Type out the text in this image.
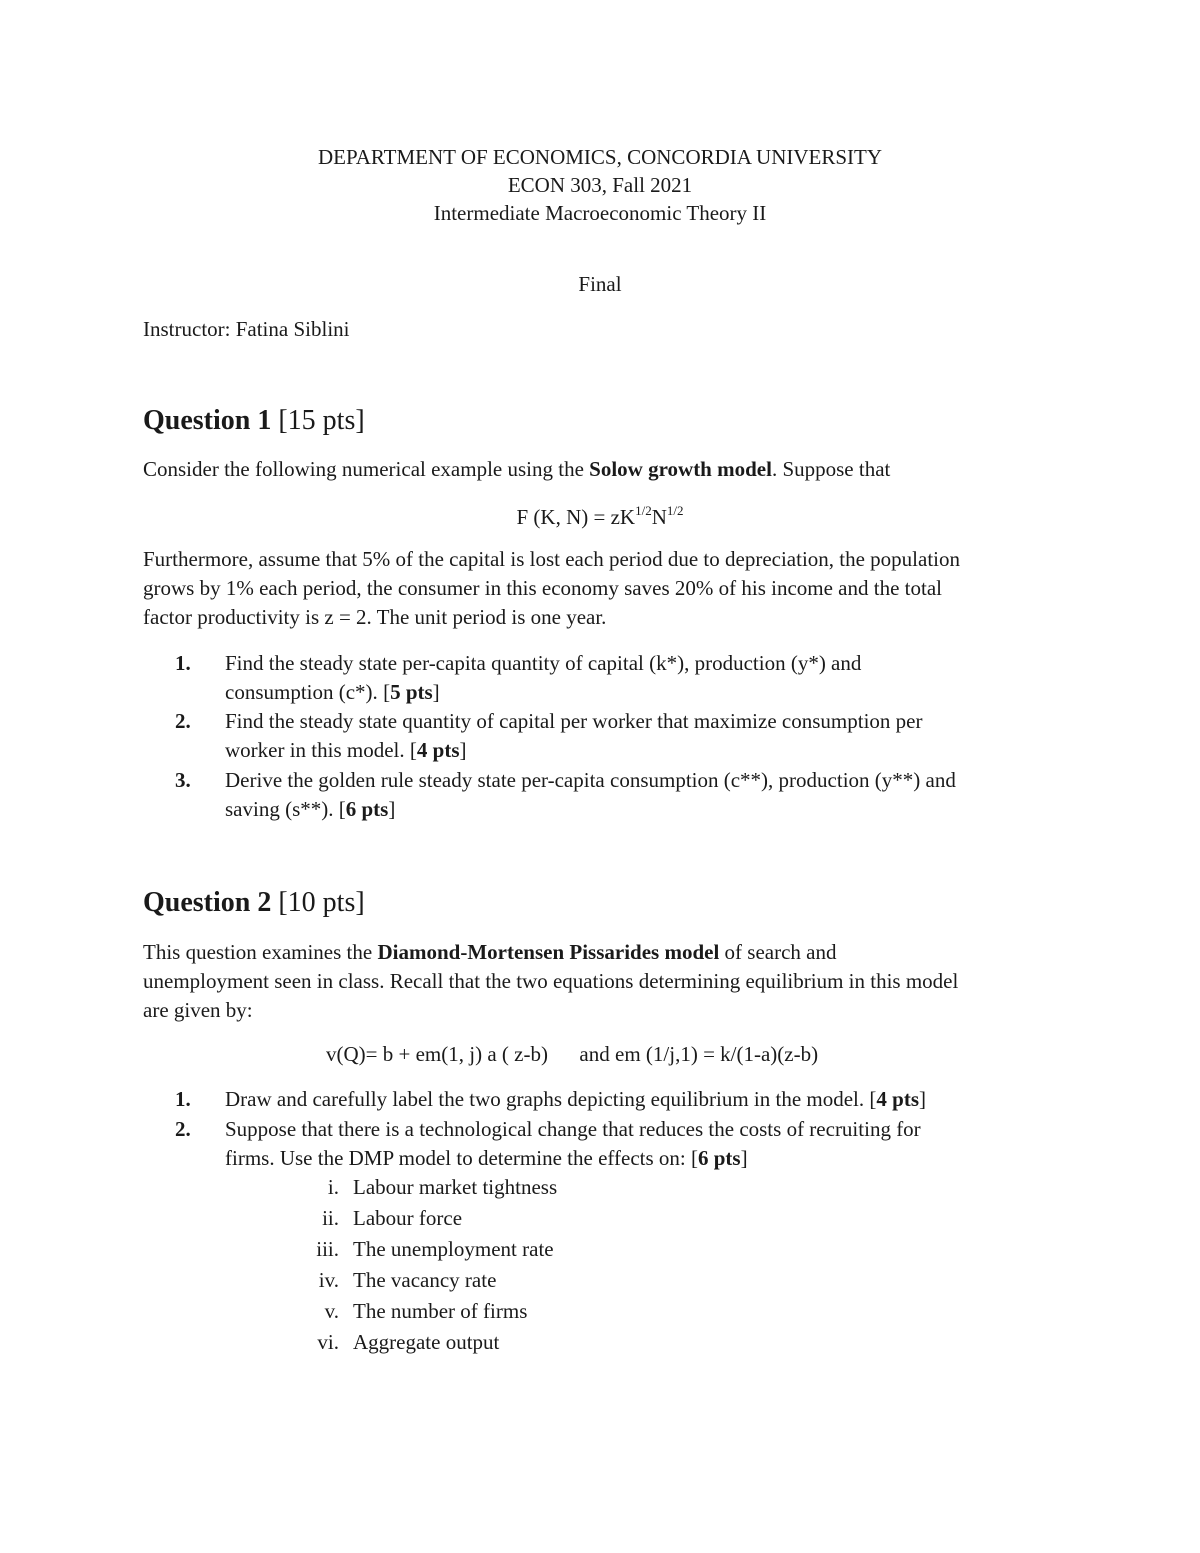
DEPARTMENT OF ECONOMICS, CONCORDIA UNIVERSITY
ECON 303, Fall 2021
Intermediate Macroeconomic Theory II
Final
Instructor: Fatina Siblini
Question 1 [15 pts]
Consider the following numerical example using the Solow growth model. Suppose that
F (K, $N) = zK^{1/2}N^{1/2}$
Furthermore, assume that 5% of the capital is lost each period due to depreciation, the population
grows by 1% each period, the consumer in this economy saves 20% of his income and the total
factor productivity is z = 2. The unit period is one year.
1. Find the steady state per-capita quantity of capital (k*), production (y*) and
consumption (c*). [5 pts]
2. Find the steady state quantity of capital per worker that maximize consumption per
worker in this model. [4 pts]
3. Derive the golden rule steady state per-capita consumption (c**), production (y**) and
saving (s**). [6 pts]
Question 2 [10 pts]
This question examines the Diamond-Mortensen Pissarides model of search and
unemployment seen in class. Recall that the two equations determining equilibrium in this model
are given by:
v(Q)= b + em(1, j) a ( z-b)      and em (1/j,1) = k/(1-a)(z-b)
1. Draw and carefully label the two graphs depicting equilibrium in the model. [4 pts]
2. Suppose that there is a technological change that reduces the costs of recruiting for
firms. Use the DMP model to determine the effects on: [6 pts]
i. Labour market tightness
ii. Labour force
iii. The unemployment rate
iv. The vacancy rate
v. The number of firms
vi. Aggregate output
